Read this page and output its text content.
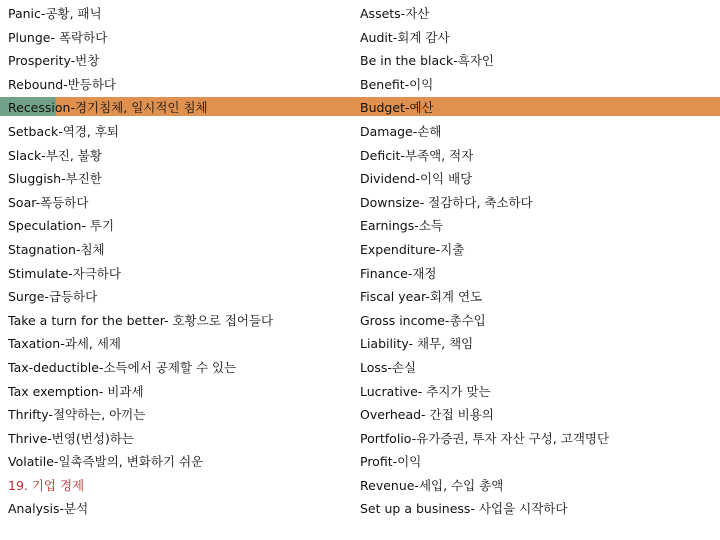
Panic-공황, 패닉
Plunge- 폭락하다
Prosperity-번창
Rebound-반등하다
Recession-경기침체, 일시적인 침체
Setback-역경, 후퇴
Slack-부진, 불황
Sluggish-부진한
Soar-폭등하다
Speculation- 투기
Stagnation-침체
Stimulate-자극하다
Surge-급등하다
Take a turn for the better- 호황으로 접어들다
Taxation-과세, 세제
Tax-deductible-소득에서 공제할 수 있는
Tax exemption- 비과세
Thrifty-절약하는, 아끼는
Thrive-번영(번성)하는
Volatile-일촉즉발의, 변화하기 쉬운
19. 기업 경제
Analysis-분석
Assets-자산
Audit-회계 감사
Be in the black-흑자인
Benefit-이익
Budget-예산
Damage-손해
Deficit-부족액, 적자
Dividend-이익 배당
Downsize- 절감하다, 축소하다
Earnings-소득
Expenditure-지출
Finance-재정
Fiscal year-회계 연도
Gross income-총수입
Liability- 채무, 책임
Loss-손실
Lucrative- 추지가 맞는
Overhead- 간접 비용의
Portfolio-유가증권, 투자 자산 구성, 고객명단
Profit-이익
Revenue-세입, 수입 총액
Set up a business- 사업을 시작하다
